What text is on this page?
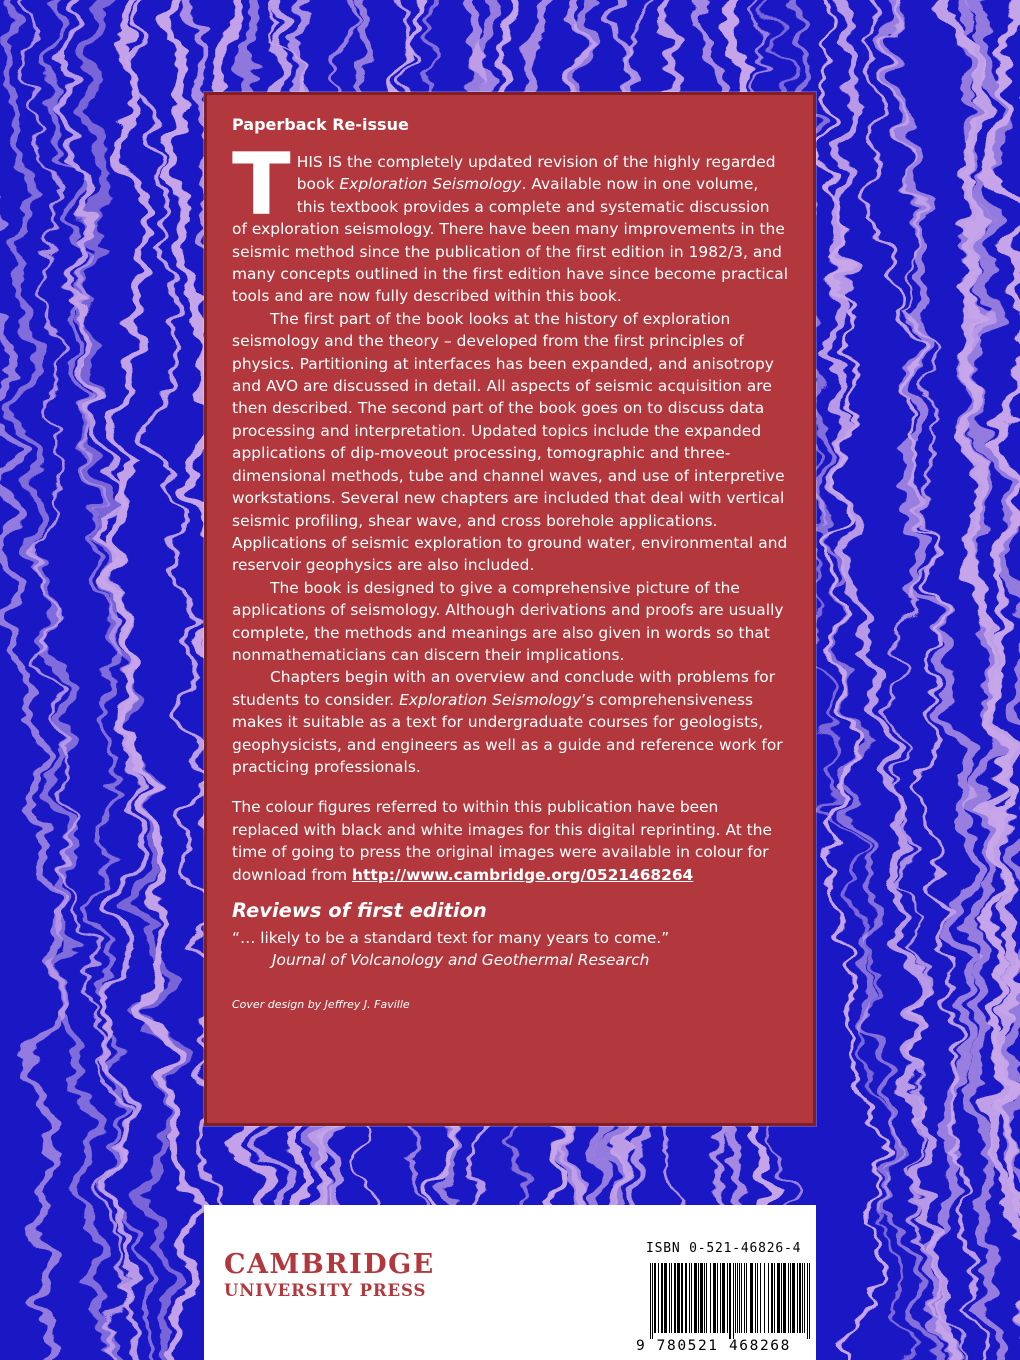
Paperback Re-issue

THIS IS the completely updated revision of the highly regarded book Exploration Seismology. Available now in one volume, this textbook provides a complete and systematic discussion of exploration seismology. There have been many improvements in the seismic method since the publication of the first edition in 1982/3, and many concepts outlined in the first edition have since become practical tools and are now fully described within this book.

The first part of the book looks at the history of exploration seismology and the theory – developed from the first principles of physics. Partitioning at interfaces has been expanded, and anisotropy and AVO are discussed in detail. All aspects of seismic acquisition are then described. The second part of the book goes on to discuss data processing and interpretation. Updated topics include the expanded applications of dip-moveout processing, tomographic and three-dimensional methods, tube and channel waves, and use of interpretive workstations. Several new chapters are included that deal with vertical seismic profiling, shear wave, and cross borehole applications. Applications of seismic exploration to ground water, environmental and reservoir geophysics are also included.

The book is designed to give a comprehensive picture of the applications of seismology. Although derivations and proofs are usually complete, the methods and meanings are also given in words so that nonmathematicians can discern their implications.

Chapters begin with an overview and conclude with problems for students to consider. Exploration Seismology’s comprehensiveness makes it suitable as a text for undergraduate courses for geologists, geophysicists, and engineers as well as a guide and reference work for practicing professionals.

The colour figures referred to within this publication have been replaced with black and white images for this digital reprinting. At the time of going to press the original images were available in colour for download from http://www.cambridge.org/0521468264

Reviews of first edition

“… likely to be a standard text for many years to come.”

Journal of Volcanology and Geothermal Research

Cover design by Jeffrey J. Faville

CAMBRIDGE
UNIVERSITY PRESS
ISBN 0-521-46826-4
9 780521 468268
